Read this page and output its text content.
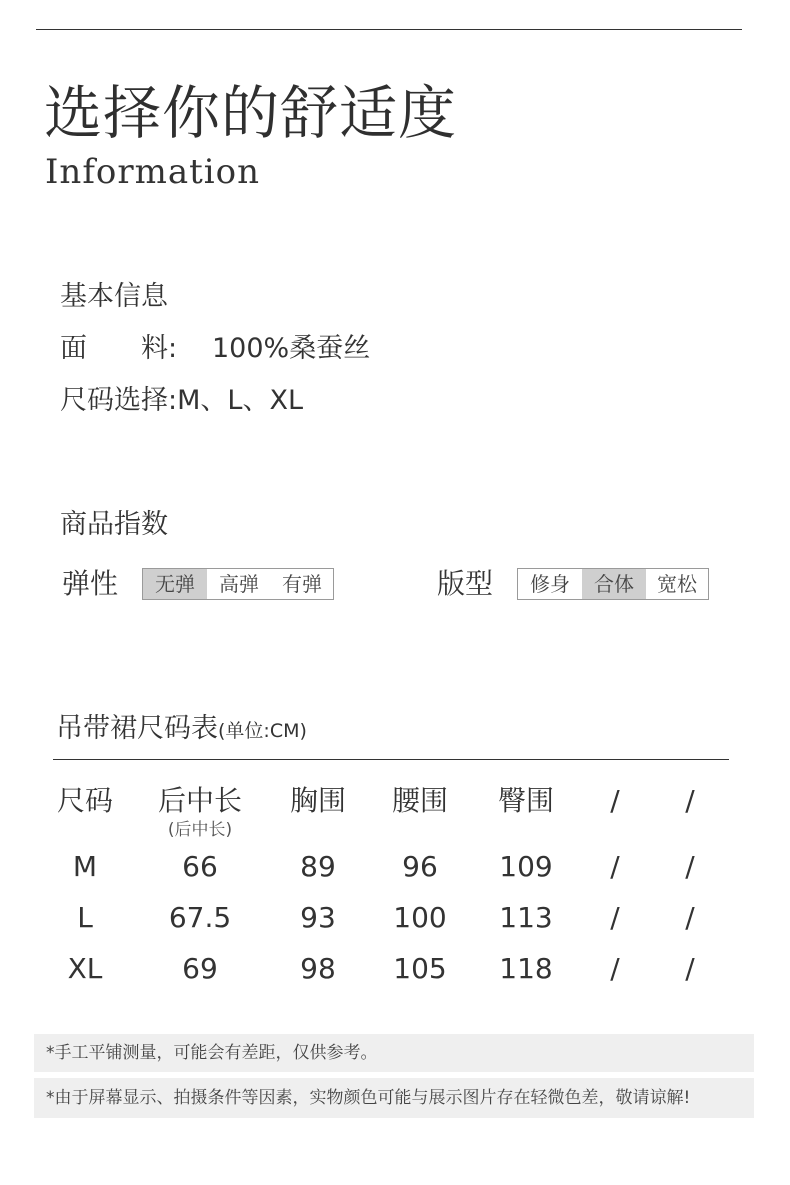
选择你的舒适度
Information
基本信息
面　　料: 100%桑蚕丝
尺码选择:M、L、XL
商品指数
弹性	无弹	高弹	有弹	版型	修身	合体	宽松
吊带裙尺码表(单位:CM)
尺码 后中长 胸围 腰围 臀围 / /
(后中长)
M	66	89 96 109 / /
L	67.5 93 100 113 / /
XL	69	98 105 118 / /
*手工平铺测量，可能会有差距，仅供参考。
*由于屏幕显示、拍摄条件等因素，实物颜色可能与展示图片存在轻微色差，敬请谅解!
